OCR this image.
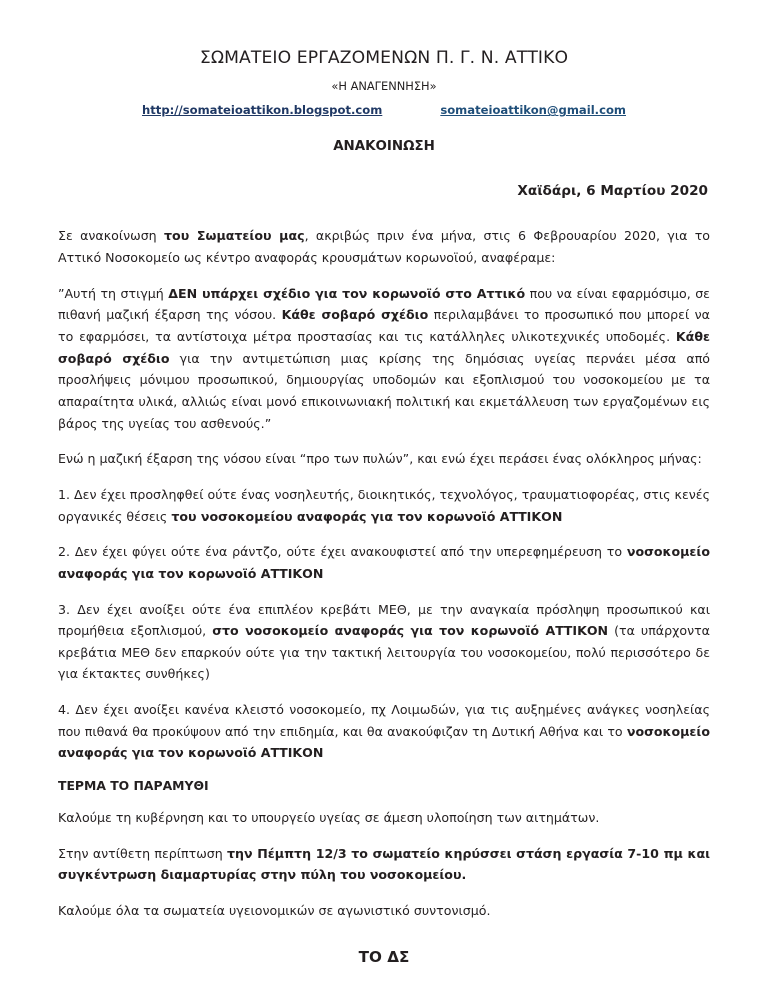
ΣΩΜΑΤΕΙΟ ΕΡΓΑΖΟΜΕΝΩΝ Π. Γ. Ν. ΑΤΤΙΚΟ
«Η ΑΝΑΓΕΝΝΗΣΗ»
http://somateioattikon.blogspot.com	somateioattikon@gmail.com
ΑΝΑΚΟΙΝΩΣΗ
Χαϊδάρι, 6 Μαρτίου 2020

Σε ανακοίνωση του Σωματείου μας, ακριβώς πριν ένα μήνα, στις 6 Φεβρουαρίου 2020, για το Αττικό Νοσοκομείο ως κέντρο αναφοράς κρουσμάτων κορωνοϊού, αναφέραμε:

”Αυτή τη στιγμή ΔΕΝ υπάρχει σχέδιο για τον κορωνοϊό στο Αττικό που να είναι εφαρμόσιμο, σε πιθανή μαζική έξαρση της νόσου. Κάθε σοβαρό σχέδιο περιλαμβάνει το προσωπικό που μπορεί να το εφαρμόσει, τα αντίστοιχα μέτρα προστασίας και τις κατάλληλες υλικοτεχνικές υποδομές. Κάθε σοβαρό σχέδιο για την αντιμετώπιση μιας κρίσης της δημόσιας υγείας περνάει μέσα από προσλήψεις μόνιμου προσωπικού, δημιουργίας υποδομών και εξοπλισμού του νοσοκομείου με τα απαραίτητα υλικά, αλλιώς είναι μονό επικοινωνιακή πολιτική και εκμετάλλευση των εργαζομένων εις βάρος της υγείας του ασθενούς.”

Ενώ η μαζική έξαρση της νόσου είναι “προ των πυλών”, και ενώ έχει περάσει ένας ολόκληρος μήνας:

1. Δεν έχει προσληφθεί ούτε ένας νοσηλευτής, διοικητικός, τεχνολόγος, τραυματιοφορέας, στις κενές οργανικές θέσεις του νοσοκομείου αναφοράς για τον κορωνοϊό ΑΤΤΙΚΟΝ

2. Δεν έχει φύγει ούτε ένα ράντζο, ούτε έχει ανακουφιστεί από την υπερεφημέρευση το νοσοκομείο αναφοράς για τον κορωνοϊό ΑΤΤΙΚΟΝ

3. Δεν έχει ανοίξει ούτε ένα επιπλέον κρεβάτι ΜΕΘ, με την αναγκαία πρόσληψη προσωπικού και προμήθεια εξοπλισμού, στο νοσοκομείο αναφοράς για τον κορωνοϊό ΑΤΤΙΚΟΝ (τα υπάρχοντα κρεβάτια ΜΕΘ δεν επαρκούν ούτε για την τακτική λειτουργία του νοσοκομείου, πολύ περισσότερο δε για έκτακτες συνθήκες)

4. Δεν έχει ανοίξει κανένα κλειστό νοσοκομείο, πχ Λοιμωδών, για τις αυξημένες ανάγκες νοσηλείας που πιθανά θα προκύψουν από την επιδημία, και θα ανακούφιζαν τη Δυτική Αθήνα και το νοσοκομείο αναφοράς για τον κορωνοϊό ΑΤΤΙΚΟΝ

ΤΕΡΜΑ ΤΟ ΠΑΡΑΜΥΘΙ

Καλούμε τη κυβέρνηση και το υπουργείο υγείας σε άμεση υλοποίηση των αιτημάτων.

Στην αντίθετη περίπτωση την Πέμπτη 12/3 το σωματείο κηρύσσει στάση εργασία 7-10 πμ και συγκέντρωση διαμαρτυρίας στην πύλη του νοσοκομείου.

Καλούμε όλα τα σωματεία υγειονομικών σε αγωνιστικό συντονισμό.

ΤΟ ΔΣ
